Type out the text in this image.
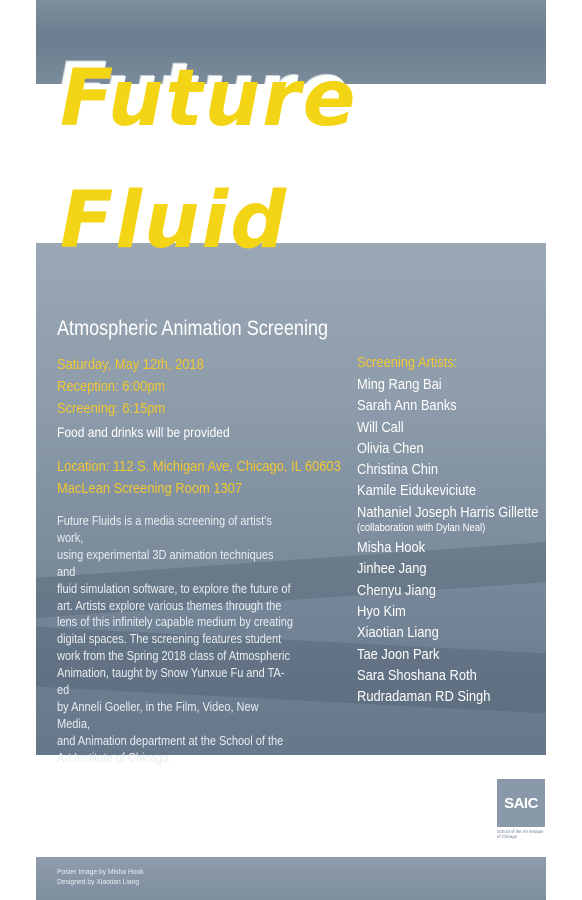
Future
Fluid
Atmospheric Animation Screening
Saturday, May 12th, 2018
Reception: 6:00pm
Screening: 6:15pm
Food and drinks will be provided
Location: 112 S. Michigan Ave, Chicago, IL 60603
MacLean Screening Room 1307
Future Fluids is a media screening of artist's work,
using experimental 3D animation techniques and
fluid simulation software, to explore the future of
art. Artists explore various themes through the
lens of this infinitely capable medium by creating
digital spaces. The screening features student
work from the Spring 2018 class of Atmospheric
Animation, taught by Snow Yunxue Fu and TA-ed
by Anneli Goeller, in the Film, Video, New Media,
and Animation department at the School of the
Art Institute of Chicago.
Screening Artists:
Ming Rang Bai
Sarah Ann Banks
Will Call
Olivia Chen
Christina Chin
Kamile Eidukeviciute
Nathaniel Joseph Harris Gillette
(collaboration with Dylan Neal)
Misha Hook
Jinhee Jang
Chenyu Jiang
Hyo Kim
Xiaotian Liang
Tae Joon Park
Sara Shoshana Roth
Rudradaman RD Singh
SAIC
School of the Art Institute of Chicago
Poster Image by Misha Hook
Designed by Xiaotian Liang
